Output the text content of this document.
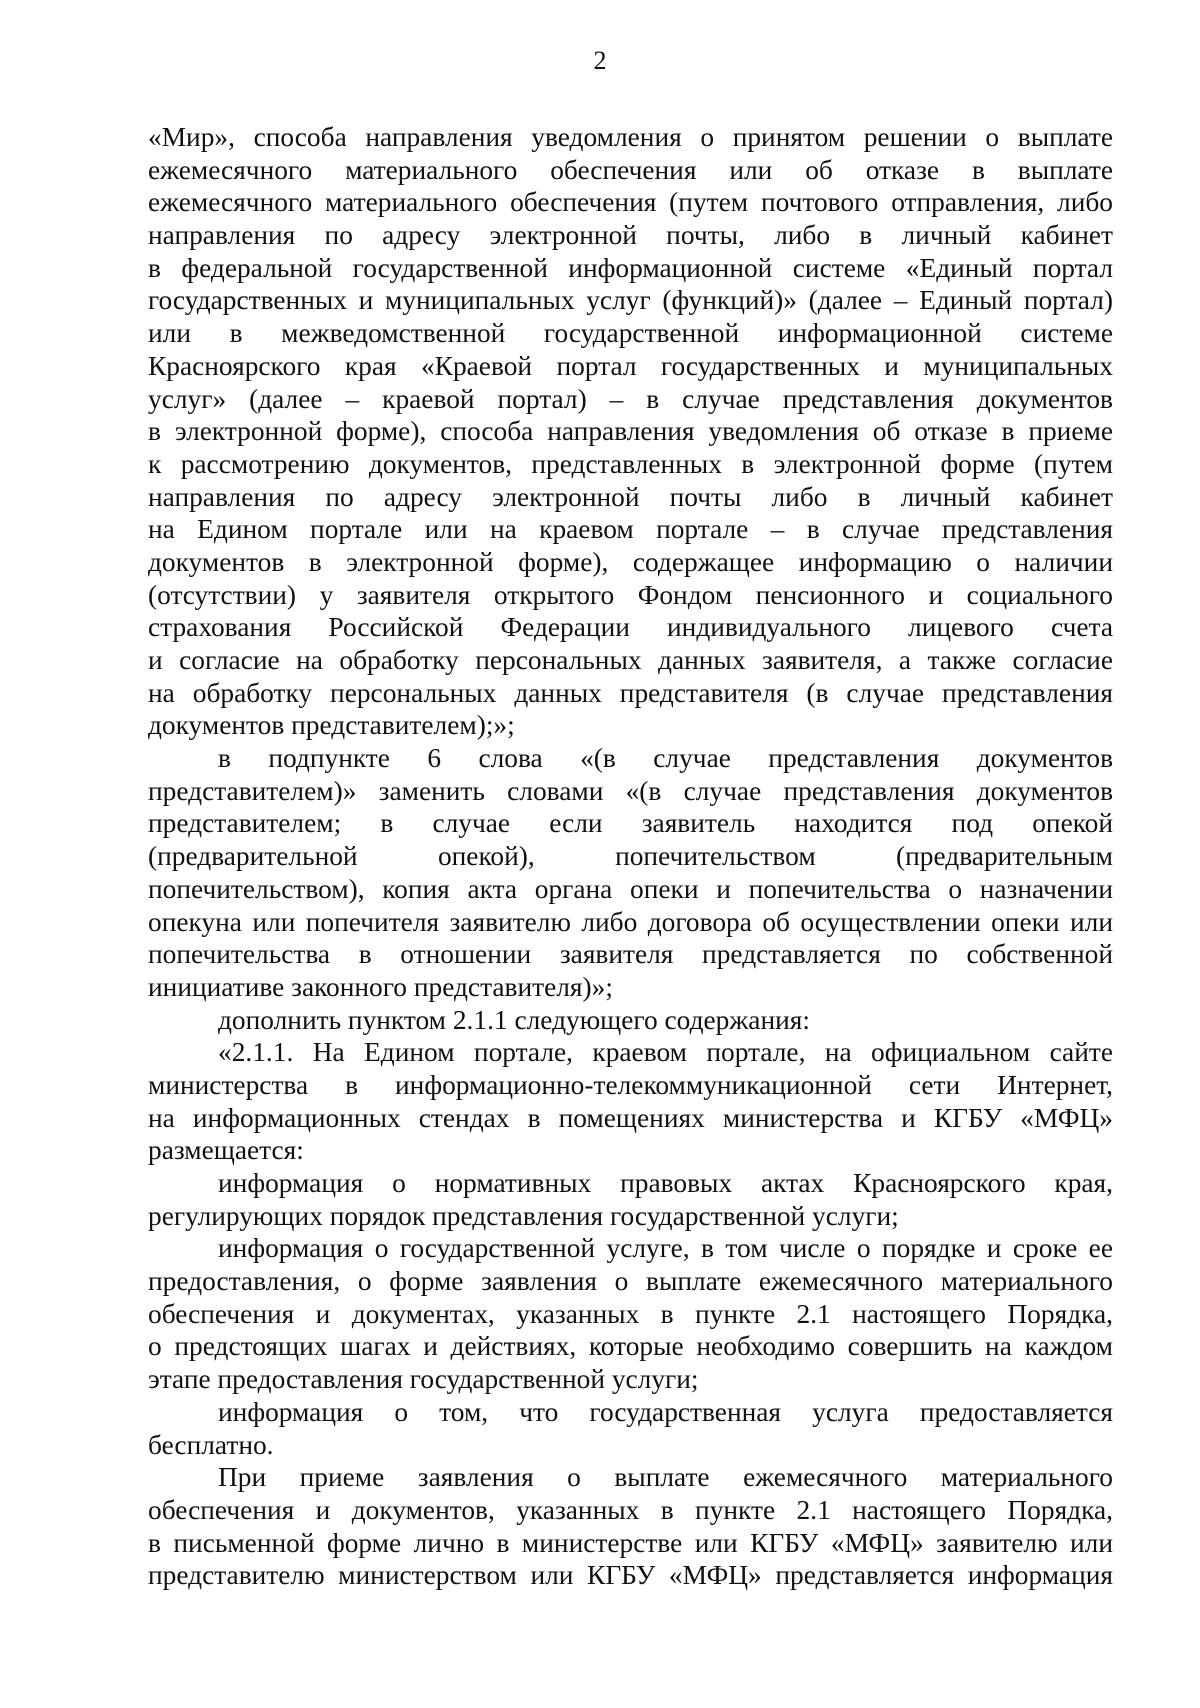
2
«Мир», способа направления уведомления о принятом решении о выплате
ежемесячного материального обеспечения или об отказе в выплате
ежемесячного материального обеспечения (путем почтового отправления, либо
направления по адресу электронной почты, либо в личный кабинет
в федеральной государственной информационной системе «Единый портал
государственных и муниципальных услуг (функций)» (далее – Единый портал)
или в межведомственной государственной информационной системе
Красноярского края «Краевой портал государственных и муниципальных
услуг» (далее – краевой портал) – в случае представления документов
в электронной форме), способа направления уведомления об отказе в приеме
к рассмотрению документов, представленных в электронной форме (путем
направления по адресу электронной почты либо в личный кабинет
на Едином портале или на краевом портале – в случае представления
документов в электронной форме), содержащее информацию о наличии
(отсутствии) у заявителя открытого Фондом пенсионного и социального
страхования Российской Федерации индивидуального лицевого счета
и согласие на обработку персональных данных заявителя, а также согласие
на обработку персональных данных представителя (в случае представления
документов представителем);»;
в подпункте 6 слова «(в случае представления документов
представителем)» заменить словами «(в случае представления документов
представителем; в случае если заявитель находится под опекой
(предварительной опекой), попечительством (предварительным
попечительством), копия акта органа опеки и попечительства о назначении
опекуна или попечителя заявителю либо договора об осуществлении опеки или
попечительства в отношении заявителя представляется по собственной
инициативе законного представителя)»;
дополнить пунктом 2.1.1 следующего содержания:
«2.1.1. На Едином портале, краевом портале, на официальном сайте
министерства в информационно-телекоммуникационной сети Интернет,
на информационных стендах в помещениях министерства и КГБУ «МФЦ»
размещается:
информация о нормативных правовых актах Красноярского края,
регулирующих порядок представления государственной услуги;
информация о государственной услуге, в том числе о порядке и сроке ее
предоставления, о форме заявления о выплате ежемесячного материального
обеспечения и документах, указанных в пункте 2.1 настоящего Порядка,
о предстоящих шагах и действиях, которые необходимо совершить на каждом
этапе предоставления государственной услуги;
информация о том, что государственная услуга предоставляется
бесплатно.
При приеме заявления о выплате ежемесячного материального
обеспечения и документов, указанных в пункте 2.1 настоящего Порядка,
в письменной форме лично в министерстве или КГБУ «МФЦ» заявителю или
представителю министерством или КГБУ «МФЦ» представляется информация
